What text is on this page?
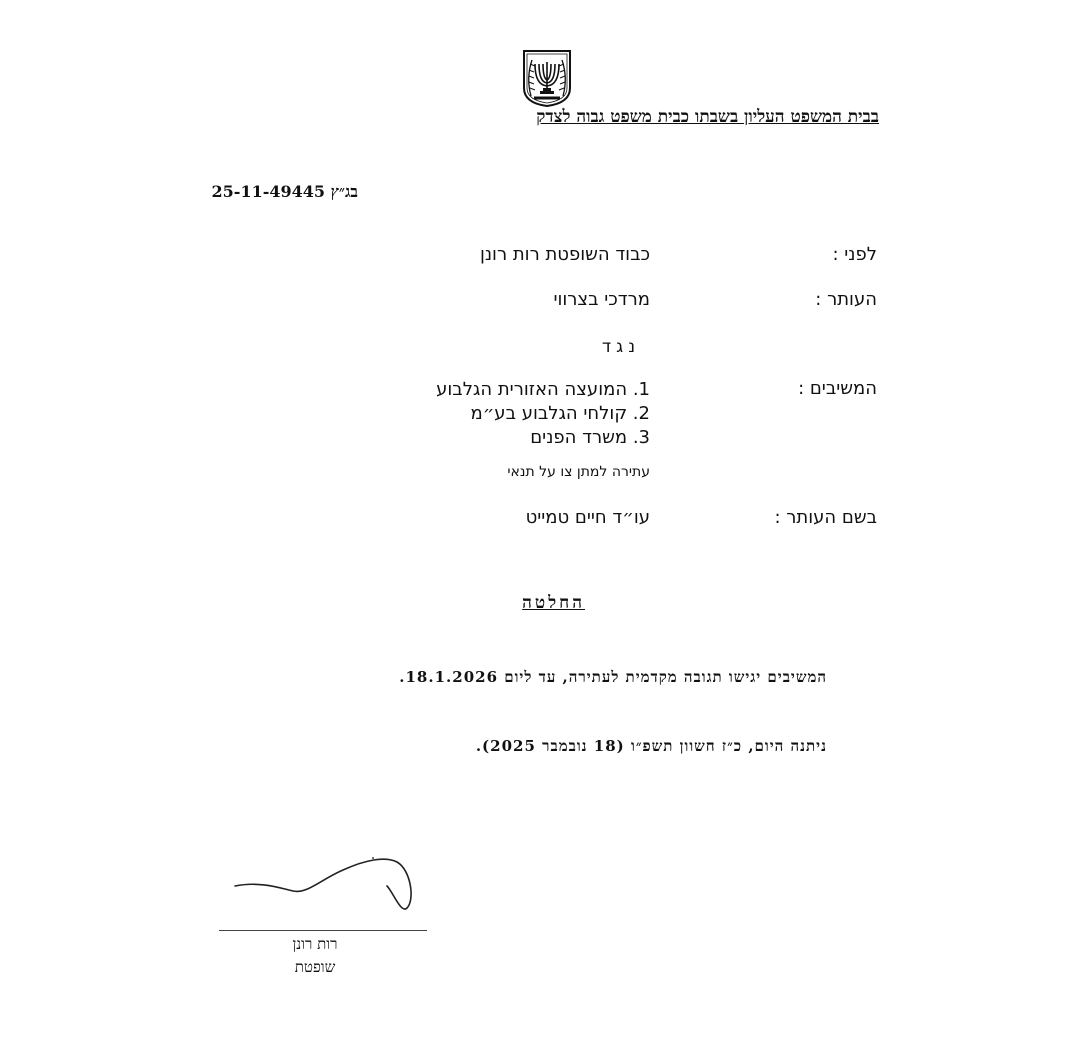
בבית המשפט העליון בשבתו כבית משפט גבוה לצדק
בג״ץ 25-11-49445
לפני :
כבוד השופטת רות רונן
העותר :
מרדכי בצרווי
נגד
המשיבים :
1. המועצה האזורית הגלבוע
2. קולחי הגלבוע בע״מ
3. משרד הפנים
עתירה למתן צו על תנאי
בשם העותר :
עו״ד חיים טמייט
החלטה
המשיבים יגישו תגובה מקדמית לעתירה, עד ליום 18.1.2026.
ניתנה היום, כ״ז חשוון תשפ״ו (18 נובמבר 2025).
רות רונן
שופטת
